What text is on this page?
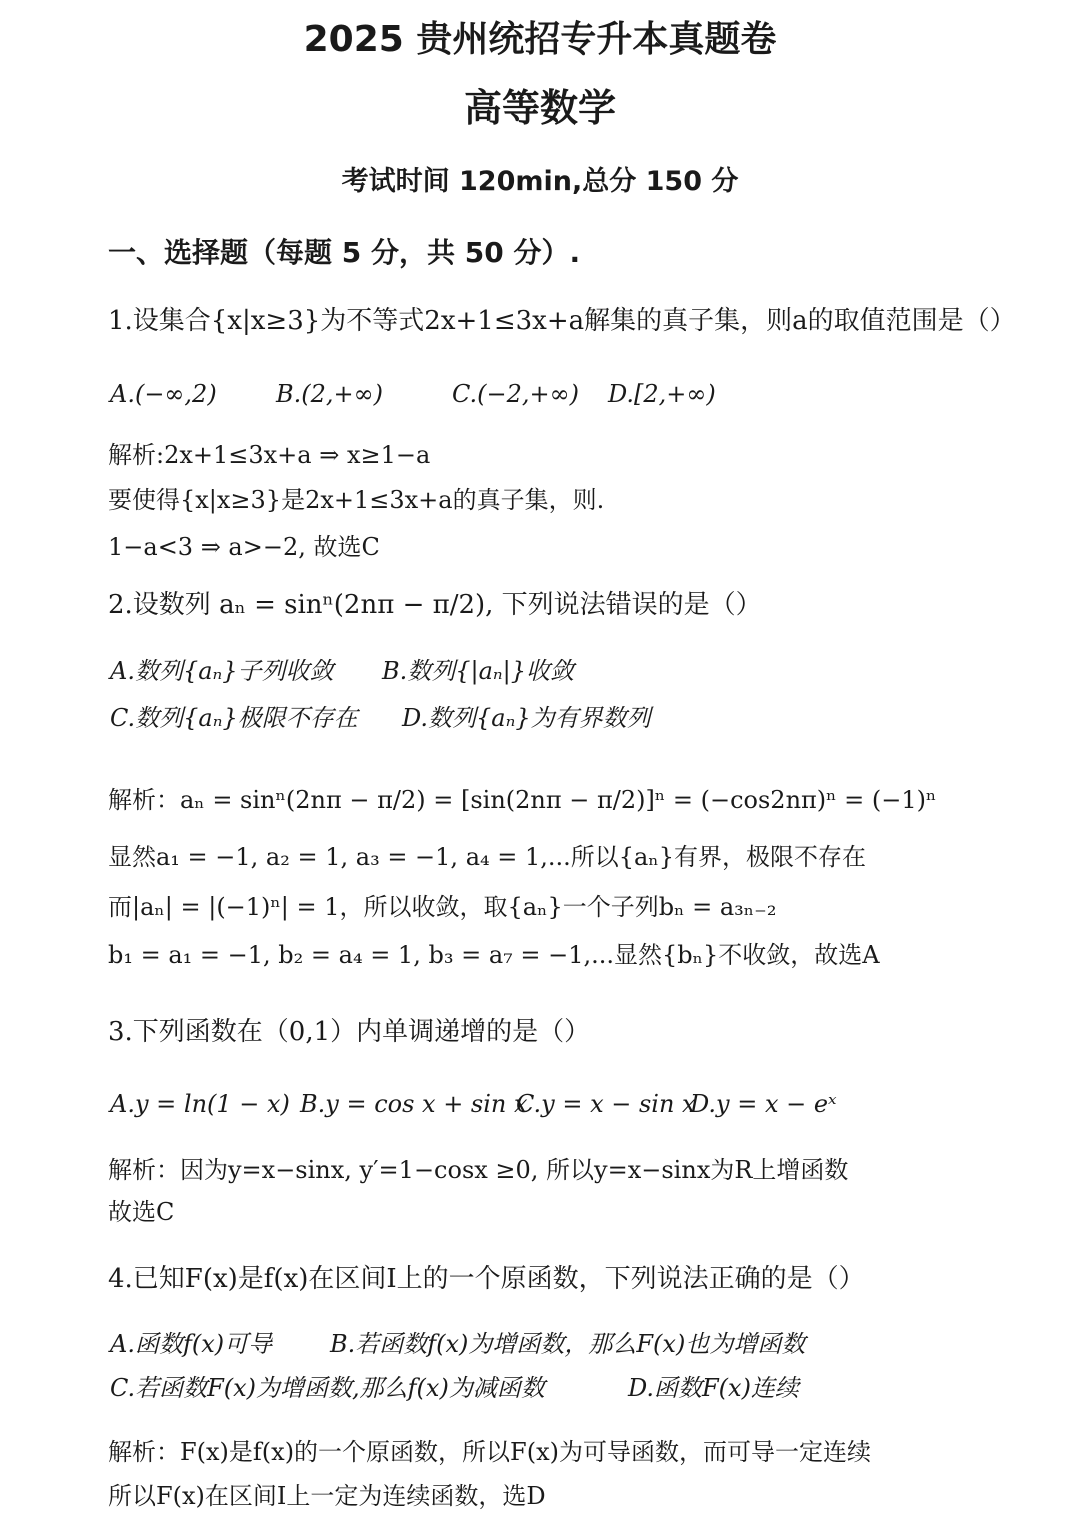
2025 贵州统招专升本真题卷
高等数学
考试时间 120min,总分 150 分
一、选择题（每题 5 分，共 50 分）.
1.设集合{x|x≥3}为不等式2x+1≤3x+a解集的真子集，则a的取值范围是（）
A.(−∞,2) B.(2,+∞)	C.(−2,+∞) D.[2,+∞)
解析:2x+1≤3x+a ⇒ x≥1−a
要使得{x|x≥3}是2x+1≤3x+a的真子集，则.
1−a<3 ⇒ a>−2, 故选C
2.设数列 aₙ = sinⁿ(2nπ − π/2), 下列说法错误的是（）
A.数列{aₙ}子列收敛 B.数列{|aₙ|}收敛
C.数列{aₙ}极限不存在 D.数列{aₙ}为有界数列
解析：aₙ = sinⁿ(2nπ − π/2) = [sin(2nπ − π/2)]ⁿ = (−cos2nπ)ⁿ = (−1)ⁿ
显然a₁ = −1, a₂ = 1, a₃ = −1, a₄ = 1,...所以{aₙ}有界，极限不存在
而|aₙ| = |(−1)ⁿ| = 1，所以收敛，取{aₙ}一个子列bₙ = a₃ₙ₋₂
b₁ = a₁ = −1, b₂ = a₄ = 1, b₃ = a₇ = −1,...显然{bₙ}不收敛，故选A
3.下列函数在（0,1）内单调递增的是（）
A.y = ln(1 − x) B.y = cos x + sin x
C.y = x − sin x
D.y = x − eˣ
解析：因为y=x−sinx, y′=1−cosx ≥0, 所以y=x−sinx为R上增函数
故选C
4.已知F(x)是f(x)在区间I上的一个原函数，下列说法正确的是（）
A.函数f(x)可导 B.若函数f(x)为增函数，那么F(x)也为增函数
C.若函数F(x)为增函数,那么f(x)为减函数	D.函数F(x)连续
解析：F(x)是f(x)的一个原函数，所以F(x)为可导函数，而可导一定连续
所以F(x)在区间I上一定为连续函数，选D
